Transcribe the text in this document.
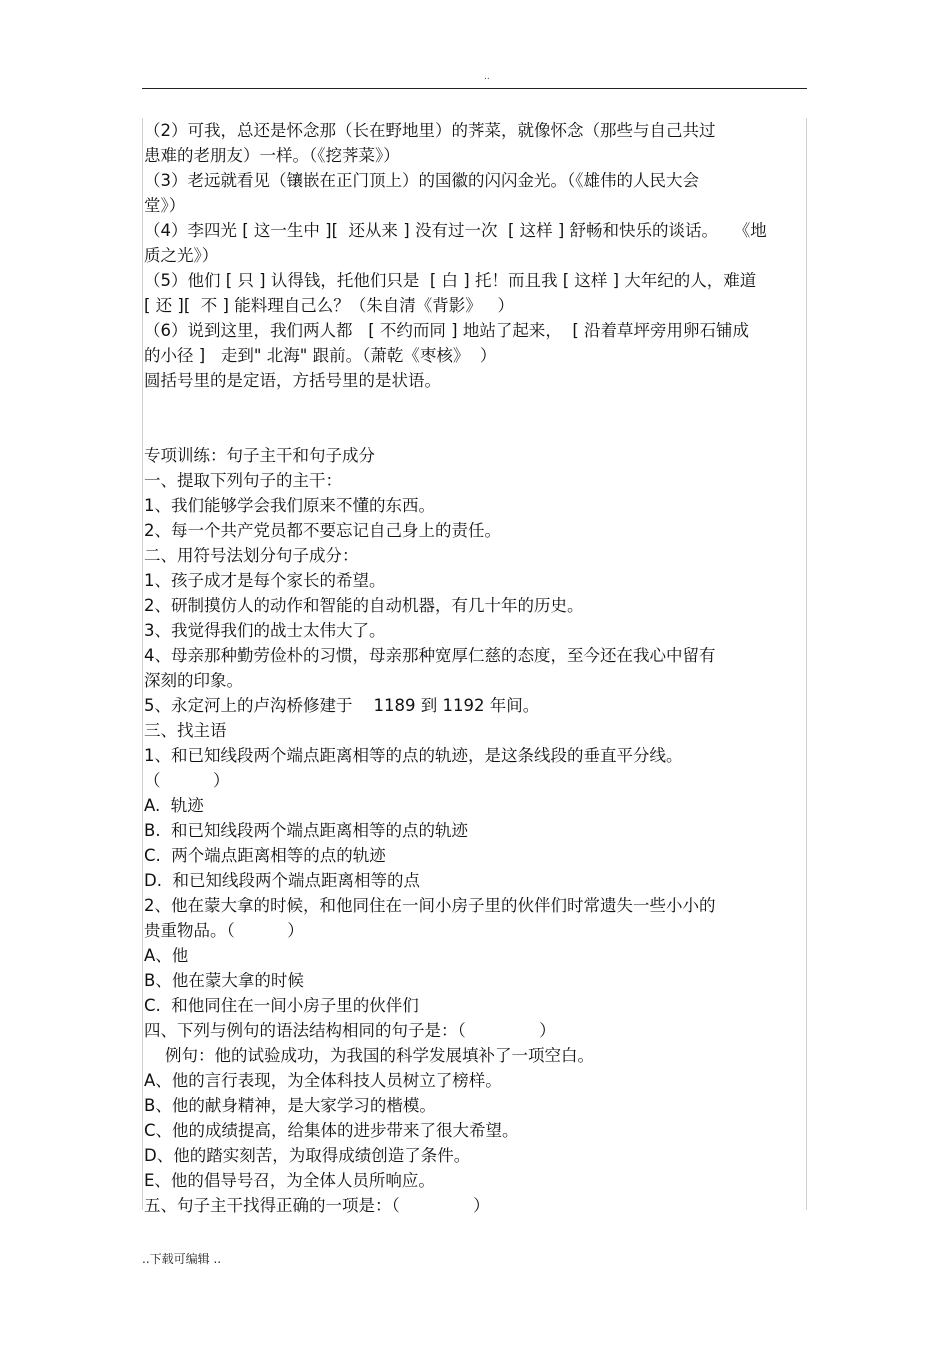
..
（2）可我，总还是怀念那（长在野地里）的荠菜，就像怀念（那些与自己共过
患难的老朋友）一样。（《挖荠菜》）
（3）老远就看见（镶嵌在正门顶上）的国徽的闪闪金光。（《雄伟的人民大会
堂》）
（4）李四光 [ 这一生中 ][  还从来 ] 没有过一次  [ 这样 ] 舒畅和快乐的谈话。   《地
质之光》）
（5）他们 [ 只 ] 认得钱，托他们只是  [ 白 ] 托！而且我 [ 这样 ] 大年纪的人，难道
[ 还 ][  不 ] 能料理自己么？（朱自清《背影》   ）
（6）说到这里，我们两人都   [ 不约而同 ] 地站了起来，  [ 沿着草坪旁用卵石铺成
的小径 ]   走到" 北海" 跟前。（萧乾《枣核》  ）
圆括号里的是定语，方括号里的是状语。
专项训练：句子主干和句子成分
一、提取下列句子的主干：
1、我们能够学会我们原来不懂的东西。
2、每一个共产党员都不要忘记自己身上的责任。
二、用符号法划分句子成分：
1、孩子成才是每个家长的希望。
2、研制摸仿人的动作和智能的自动机器，有几十年的历史。
3、我觉得我们的战士太伟大了。
4、母亲那种勤劳俭朴的习惯，母亲那种宽厚仁慈的态度，至今还在我心中留有
深刻的印象。
5、永定河上的卢沟桥修建于    1189 到 1192 年间。
三、找主语
1、和已知线段两个端点距离相等的点的轨迹，是这条线段的垂直平分线。
（          ）
A.  轨迹
B.  和已知线段两个端点距离相等的点的轨迹
C.  两个端点距离相等的点的轨迹
D.  和已知线段两个端点距离相等的点
2、他在蒙大拿的时候，和他同住在一间小房子里的伙伴们时常遗失一些小小的
贵重物品。（          ）
A、他
B、他在蒙大拿的时候
C.  和他同住在一间小房子里的伙伴们
四、下列与例句的语法结构相同的句子是：（              ）
例句：他的试验成功，为我国的科学发展填补了一项空白。
A、他的言行表现，为全体科技人员树立了榜样。
B、他的献身精神，是大家学习的楷模。
C、他的成绩提高，给集体的进步带来了很大希望。
D、他的踏实刻苦，为取得成绩创造了条件。
E、他的倡导号召，为全体人员所响应。
五、句子主干找得正确的一项是：（              ）
..下载可编辑 ..
